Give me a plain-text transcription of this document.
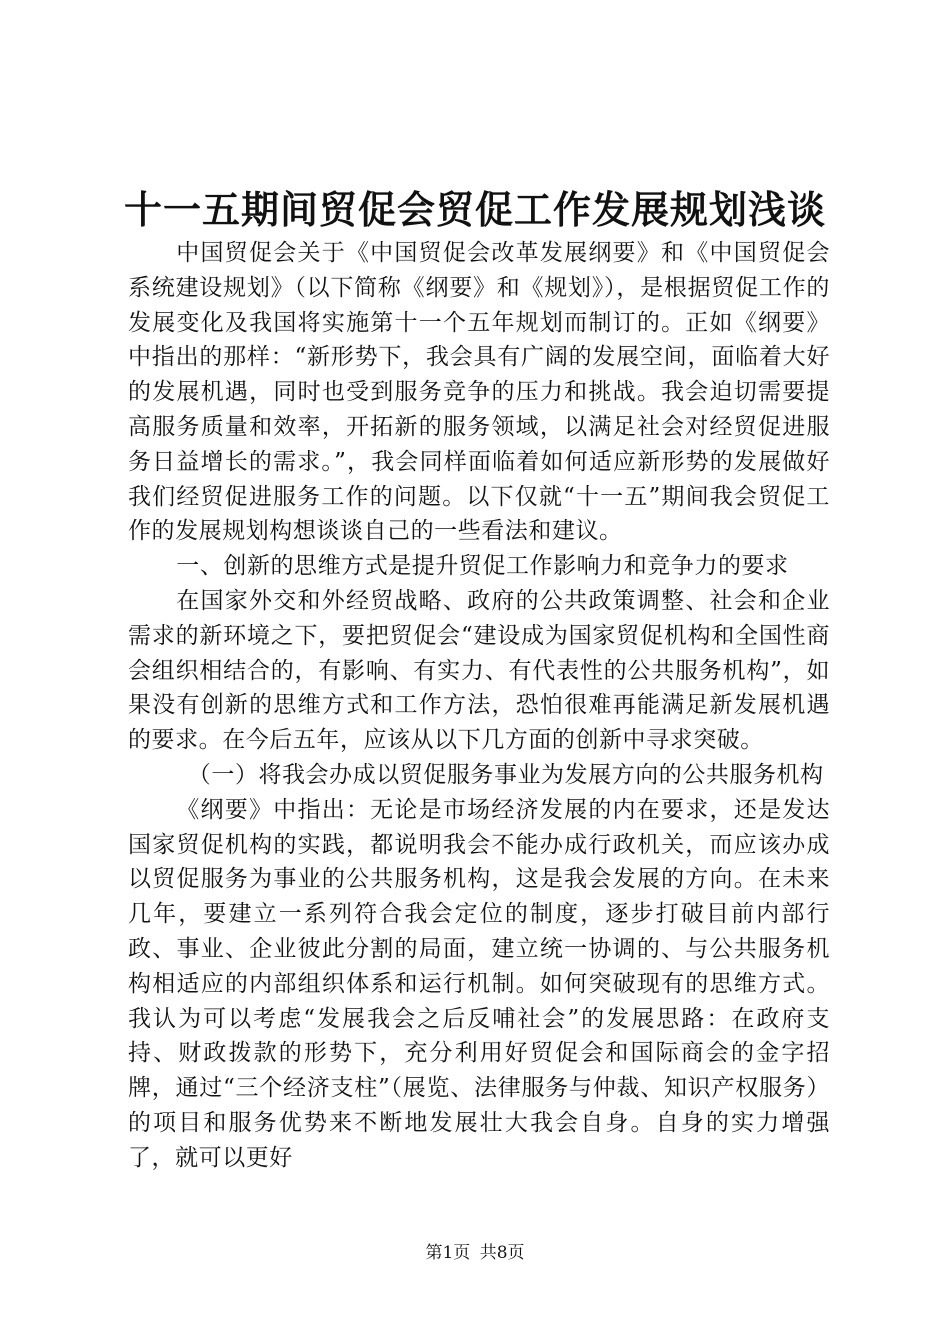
十一五期间贸促会贸促工作发展规划浅谈

中国贸促会关于《中国贸促会改革发展纲要》和《中国贸促会系统建设规划》（以下简称《纲要》和《规划》），是根据贸促工作的发展变化及我国将实施第十一个五年规划而制订的。正如《纲要》中指出的那样：“新形势下，我会具有广阔的发展空间，面临着大好的发展机遇，同时也受到服务竞争的压力和挑战。我会迫切需要提高服务质量和效率，开拓新的服务领域，以满足社会对经贸促进服务日益增长的需求。”，我会同样面临着如何适应新形势的发展做好我们经贸促进服务工作的问题。以下仅就“十一五”期间我会贸促工作的发展规划构想谈谈自己的一些看法和建议。

一、创新的思维方式是提升贸促工作影响力和竞争力的要求

在国家外交和外经贸战略、政府的公共政策调整、社会和企业需求的新环境之下，要把贸促会“建设成为国家贸促机构和全国性商会组织相结合的，有影响、有实力、有代表性的公共服务机构”，如果没有创新的思维方式和工作方法，恐怕很难再能满足新发展机遇的要求。在今后五年，应该从以下几方面的创新中寻求突破。

（一）将我会办成以贸促服务事业为发展方向的公共服务机构

《纲要》中指出：无论是市场经济发展的内在要求，还是发达国家贸促机构的实践，都说明我会不能办成行政机关，而应该办成以贸促服务为事业的公共服务机构，这是我会发展的方向。在未来几年，要建立一系列符合我会定位的制度，逐步打破目前内部行政、事业、企业彼此分割的局面，建立统一协调的、与公共服务机构相适应的内部组织体系和运行机制。如何突破现有的思维方式。我认为可以考虑“发展我会之后反哺社会”的发展思路：在政府支持、财政拨款的形势下，充分利用好贸促会和国际商会的金字招牌，通过“三个经济支柱”（展览、法律服务与仲裁、知识产权服务）的项目和服务优势来不断地发展壮大我会自身。自身的实力增强了，就可以更好

第1页 共8页
